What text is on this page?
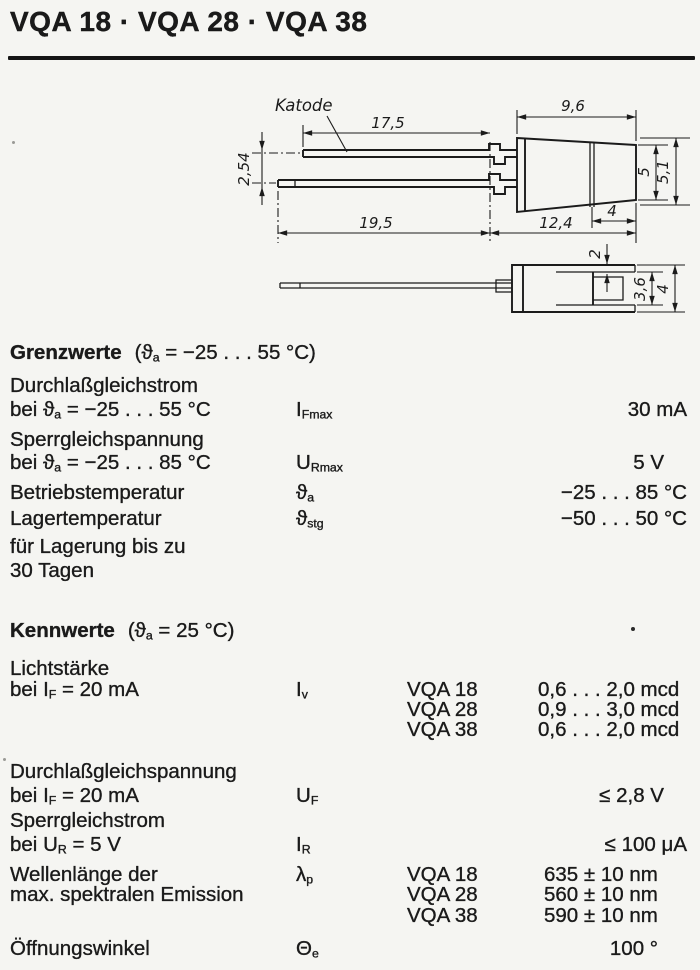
VQA 18 · VQA 28 · VQA 38
Katode	9,6
17,5
2,54
19,5	12,4
4
5 5,1
2
3,6 4
Grenzwerte ($ϑ_a = -25$ . . . 55 °C)
Durchlaßgleichstrom
bei $ϑ_a = -25$ . . . 55 °C	$I_{Fmax}$	30 mA
Sperrgleichspannung
bei $ϑ_a = -25$ . . . 85 °C	$U_{Rmax}$	5 V
Betriebstemperatur	$ϑ_a$	−25 . . . 85 °C
Lagertemperatur	$ϑ_{stg}$	−50 . . . 50 °C
für Lagerung bis zu
30 Tagen
Kennwerte ($ϑ_a = 25$ °C)
Lichtstärke
bei $I_F = 20$ mA	$I_v$	VQA 18	0,6 . . . 2,0 mcd
VQA 28	0,9 . . . 3,0 mcd
VQA 38	0,6 . . . 2,0 mcd
Durchlaßgleichspannung
bei $I_F = 20$ mA	$U_F$	≤ 2,8 V
Sperrgleichstrom
bei $U_R = 5$ V	$I_R$	≤ 100 μA
Wellenlänge der	$\lambda_p$	VQA 18	635 ± 10 nm
max. spektralen Emission	VQA 28	560 ± 10 nm
VQA 38	590 ± 10 nm
Öffnungswinkel	$\Theta_e$	100 °
